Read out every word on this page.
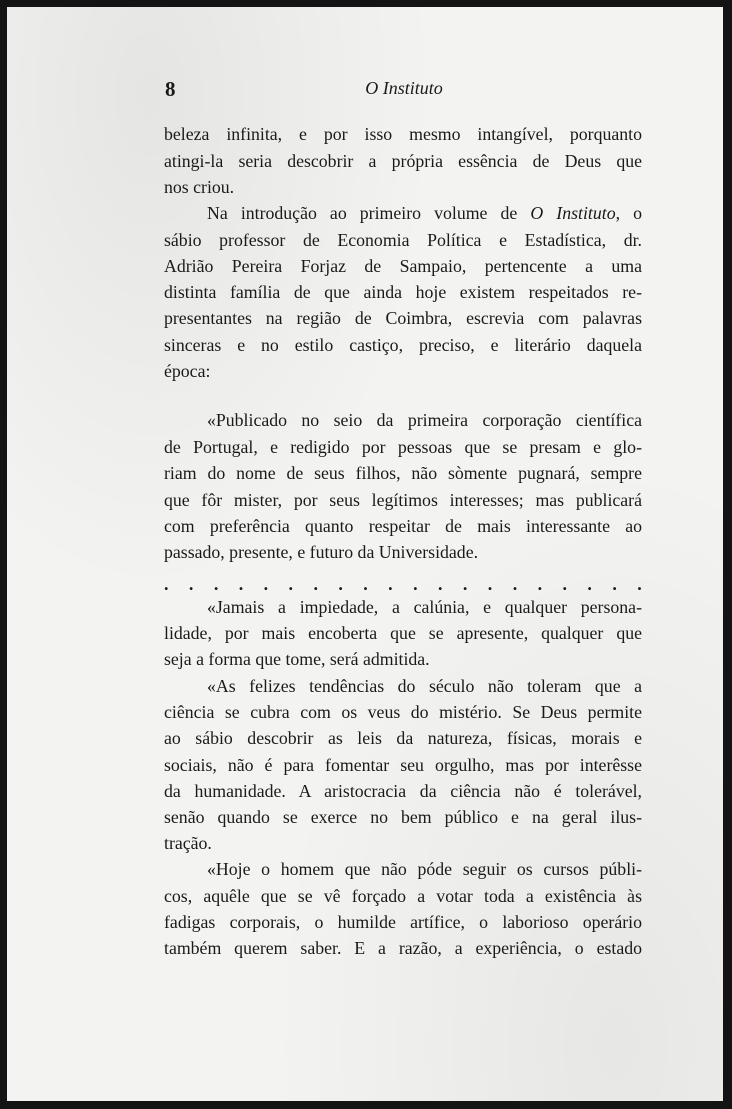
8	O Instituto
beleza infinita, e por isso mesmo intangível, porquanto
atingi-la seria descobrir a própria essência de Deus que
nos criou.
Na introdução ao primeiro volume de O Instituto, o
sábio professor de Economia Política e Estadística, dr.
Adrião Pereira Forjaz de Sampaio, pertencente a uma
distinta família de que ainda hoje existem respeitados re-
presentantes na região de Coimbra, escrevia com palavras
sinceras e no estilo castiço, preciso, e literário daquela
época:
«Publicado no seio da primeira corporação científica
de Portugal, e redigido por pessoas que se presam e glo-
riam do nome de seus filhos, não sòmente pugnará, sempre
que fôr mister, por seus legítimos interesses; mas publicará
com preferência quanto respeitar de mais interessante ao
passado, presente, e futuro da Universidade.
«Jamais a impiedade, a calúnia, e qualquer persona-
lidade, por mais encoberta que se apresente, qualquer que
seja a forma que tome, será admitida.
«As felizes tendências do século não toleram que a
ciência se cubra com os veus do mistério. Se Deus permite
ao sábio descobrir as leis da natureza, físicas, morais e
sociais, não é para fomentar seu orgulho, mas por interêsse
da humanidade. A aristocracia da ciência não é tolerável,
senão quando se exerce no bem público e na geral ilus-
tração.
«Hoje o homem que não póde seguir os cursos públi-
cos, aquêle que se vê forçado a votar toda a existência às
fadigas corporais, o humilde artífice, o laborioso operário
também querem saber. E a razão, a experiência, o estado
. . . . . . . . . . . . . . . . . . . .
